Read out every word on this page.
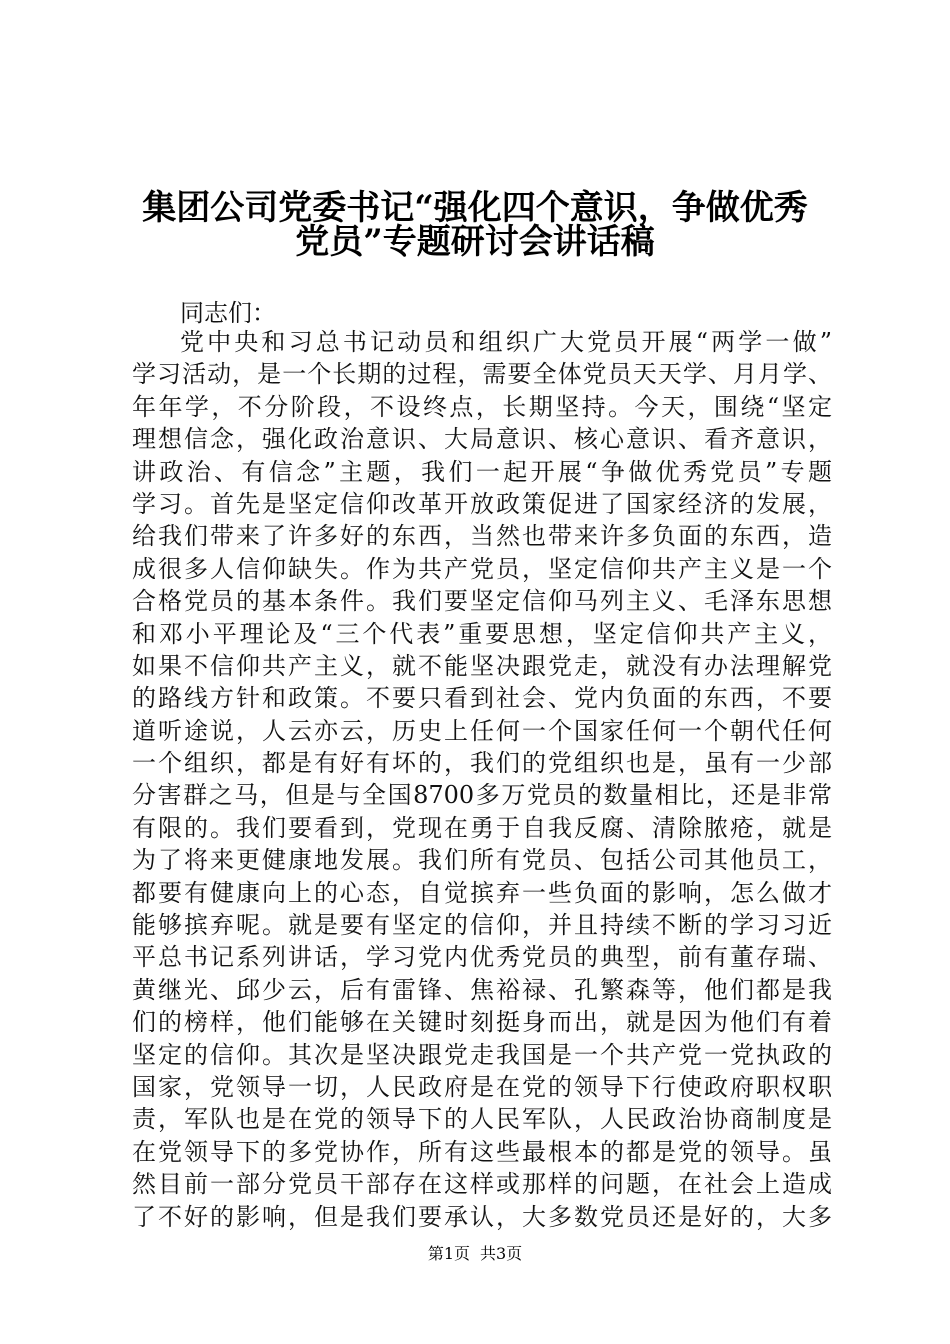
集团公司党委书记“强化四个意识，争做优秀
党员”专题研讨会讲话稿
同志们：
党中央和习总书记动员和组织广大党员开展“两学一做”
学习活动，是一个长期的过程，需要全体党员天天学、月月学、
年年学，不分阶段，不设终点，长期坚持。今天，围绕“坚定
理想信念，强化政治意识、大局意识、核心意识、看齐意识，
讲政治、有信念”主题，我们一起开展“争做优秀党员”专题
学习。首先是坚定信仰改革开放政策促进了国家经济的发展，
给我们带来了许多好的东西，当然也带来许多负面的东西，造
成很多人信仰缺失。作为共产党员，坚定信仰共产主义是一个
合格党员的基本条件。我们要坚定信仰马列主义、毛泽东思想
和邓小平理论及“三个代表”重要思想，坚定信仰共产主义，
如果不信仰共产主义，就不能坚决跟党走，就没有办法理解党
的路线方针和政策。不要只看到社会、党内负面的东西，不要
道听途说，人云亦云，历史上任何一个国家任何一个朝代任何
一个组织，都是有好有坏的，我们的党组织也是，虽有一少部
分害群之马，但是与全国8700多万党员的数量相比，还是非常
有限的。我们要看到，党现在勇于自我反腐、清除脓疮，就是
为了将来更健康地发展。我们所有党员、包括公司其他员工，
都要有健康向上的心态，自觉摈弃一些负面的影响，怎么做才
能够摈弃呢。就是要有坚定的信仰，并且持续不断的学习习近
平总书记系列讲话，学习党内优秀党员的典型，前有董存瑞、
黄继光、邱少云，后有雷锋、焦裕禄、孔繁森等，他们都是我
们的榜样，他们能够在关键时刻挺身而出，就是因为他们有着
坚定的信仰。其次是坚决跟党走我国是一个共产党一党执政的
国家，党领导一切，人民政府是在党的领导下行使政府职权职
责，军队也是在党的领导下的人民军队，人民政治协商制度是
在党领导下的多党协作，所有这些最根本的都是党的领导。虽
然目前一部分党员干部存在这样或那样的问题，在社会上造成
了不好的影响，但是我们要承认，大多数党员还是好的，大多
第1页 共3页
